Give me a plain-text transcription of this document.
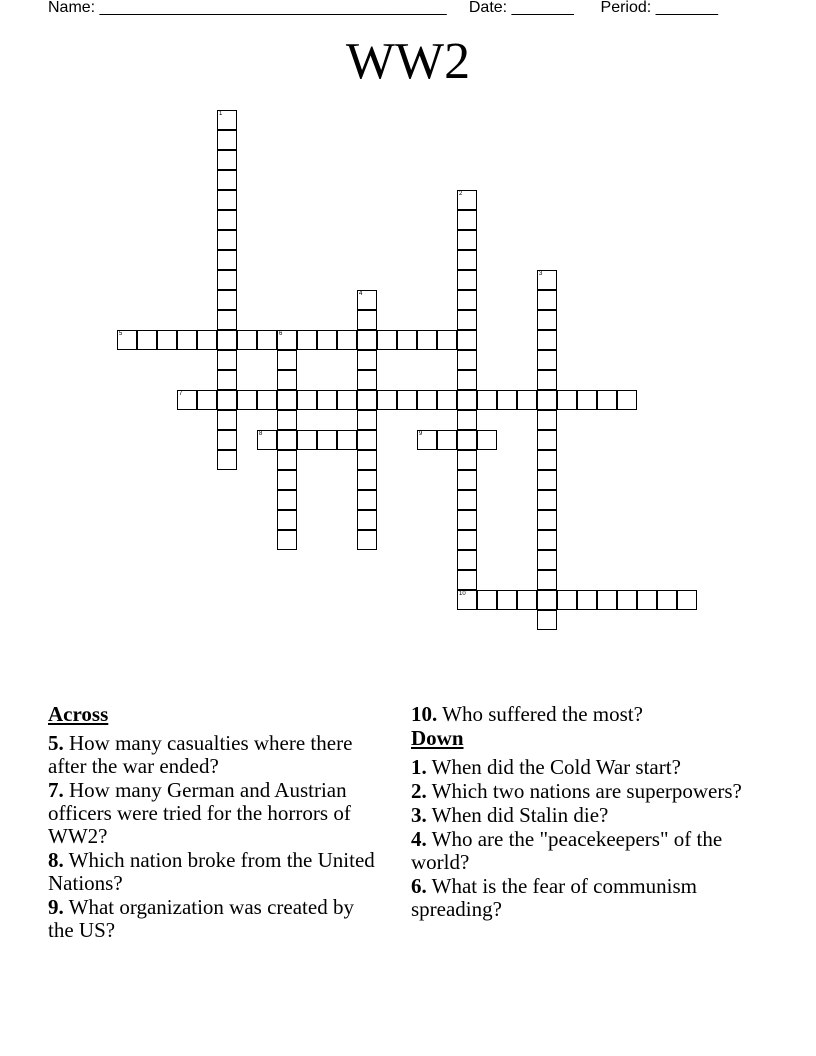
Name: _______________________________________ Date: _______ Period: _______
WW2
1
2
10
3
4
5	6
7
8	9
Across
5. How many casualties where there after the war ended?
7. How many German and Austrian officers were tried for the horrors of WW2?
8. Which nation broke from the United Nations?
9. What organization was created by the US?
10. Who suffered the most?
Down
1. When did the Cold War start?
2. Which two nations are superpowers?
3. When did Stalin die?
4. Who are the "peacekeepers" of the world?
6. What is the fear of communism spreading?
